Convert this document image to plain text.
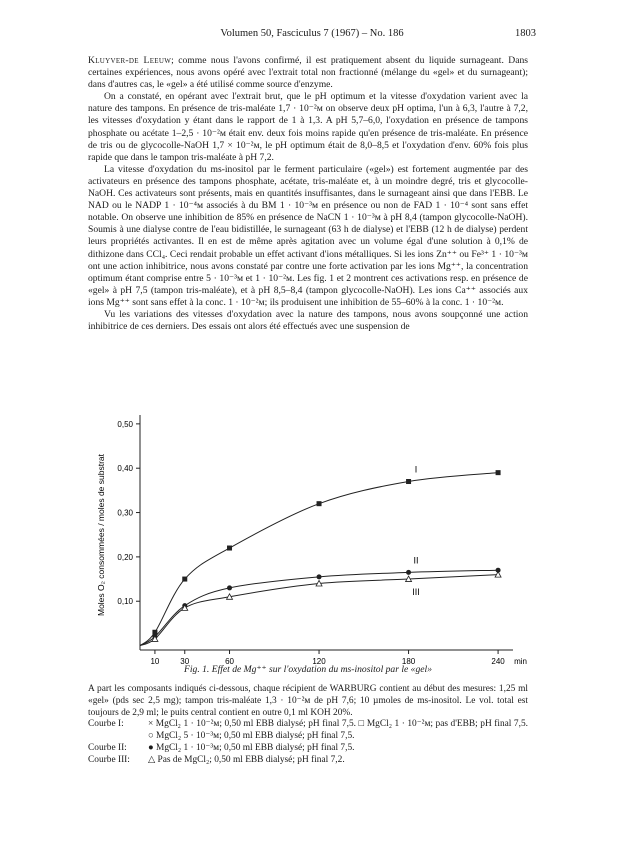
Volumen 50, Fasciculus 7 (1967) – No. 186	1803

Kluyver-de Leeuw; comme nous l'avons confirmé, il est pratiquement absent du liquide surnageant. Dans certaines expériences, nous avons opéré avec l'extrait total non fractionné (mélange du «gel» et du surnageant); dans d'autres cas, le «gel» a été utilisé comme source d'enzyme.

On a constaté, en opérant avec l'extrait brut, que le pH optimum et la vitesse d'oxydation varient avec la nature des tampons. En présence de tris-maléate 1,7 · 10⁻²ᴍ on observe deux pH optima, l'un à 6,3, l'autre à 7,2, les vitesses d'oxydation y étant dans le rapport de 1 à 1,3. A pH 5,7–6,0, l'oxydation en présence de tampons phosphate ou acétate 1–2,5 · 10⁻²ᴍ était env. deux fois moins rapide qu'en présence de tris-maléate. En présence de tris ou de glycocolle-NaOH 1,7 × 10⁻²ᴍ, le pH optimum était de 8,0–8,5 et l'oxydation d'env. 60% fois plus rapide que dans le tampon tris-maléate à pH 7,2.

La vitesse d'oxydation du ms-inositol par le ferment particulaire («gel») est fortement augmentée par des activateurs en présence des tampons phosphate, acétate, tris-maléate et, à un moindre degré, tris et glycocolle-NaOH. Ces activateurs sont présents, mais en quantités insuffisantes, dans le surnageant ainsi que dans l'EBB. Le NAD ou le NADP 1 · 10⁻⁴ᴍ associés à du BM 1 · 10⁻³ᴍ en présence ou non de FAD 1 · 10⁻⁴ sont sans effet notable. On observe une inhibition de 85% en présence de NaCN 1 · 10⁻³ᴍ à pH 8,4 (tampon glycocolle-NaOH). Soumis à une dialyse contre de l'eau bidistillée, le surnageant (63 h de dialyse) et l'EBB (12 h de dialyse) perdent leurs propriétés activantes. Il en est de même après agitation avec un volume égal d'une solution à 0,1% de dithizone dans CCl₄. Ceci rendait probable un effet activant d'ions métalliques. Si les ions Zn⁺⁺ ou Fe³⁺ 1 · 10⁻³ᴍ ont une action inhibitrice, nous avons constaté par contre une forte activation par les ions Mg⁺⁺, la concentration optimum étant comprise entre 5 · 10⁻³ᴍ et 1 · 10⁻²ᴍ. Les fig. 1 et 2 montrent ces activations resp. en présence de «gel» à pH 7,5 (tampon tris-maléate), et à pH 8,5–8,4 (tampon glycocolle-NaOH). Les ions Ca⁺⁺ associés aux ions Mg⁺⁺ sont sans effet à la conc. 1 · 10⁻²ᴍ; ils produisent une inhibition de 55–60% à la conc. 1 · 10⁻²ᴍ.

Vu les variations des vitesses d'oxydation avec la nature des tampons, nous avons soupçonné une action inhibitrice de ces derniers. Des essais ont alors été effectués avec une suspension de

10	30	60	120	180	240 min
0,10
0,20
0,30
0,40
0,50
I
II
III
Moles O₂ consommées / moles de substrat
Fig. 1. Effet de Mg⁺⁺ sur l'oxydation du ms-inositol par le «gel»

A part les composants indiqués ci-dessous, chaque récipient de WARBURG contient au début des mesures: 1,25 ml «gel» (pds sec 2,5 mg); tampon tris-maléate 1,3 · 10⁻²ᴍ de pH 7,6; 10 µmoles de ms-inositol. Le vol. total est toujours de 2,9 ml; le puits central contient en outre 0,1 ml KOH 20%.

Courbe I:	× MgCl₂ 1 · 10⁻²ᴍ; 0,50 ml EBB dialysé; pH final 7,5. □ MgCl₂ 1 · 10⁻²ᴍ; pas d'EBB; pH final 7,5. ○ MgCl₂ 5 · 10⁻³ᴍ; 0,50 ml EBB dialysé; pH final 7,5.
Courbe II:	● MgCl₂ 1 · 10⁻³ᴍ; 0,50 ml EBB dialysé; pH final 7,5.
Courbe III:	△ Pas de MgCl₂; 0,50 ml EBB dialysé; pH final 7,2.
